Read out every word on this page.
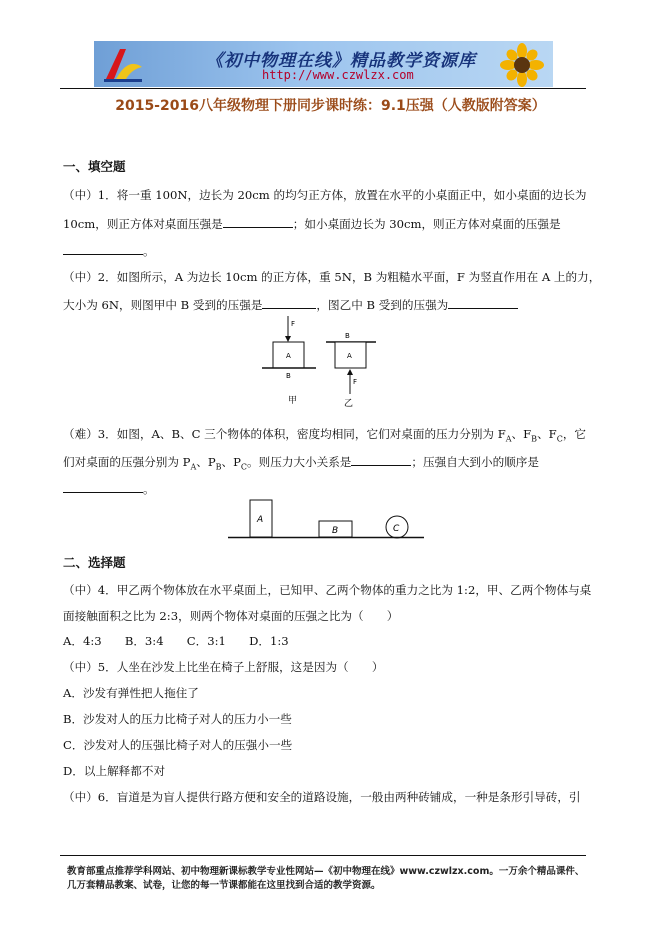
《初中物理在线》精品教学资源库
http://www.czwlzx.com
2015-2016八年级物理下册同步课时练：9.1压强（人教版附答案）
一、填空题
（中）1．将一重 100N，边长为 20cm 的均匀正方体，放置在水平的小桌面正中，如小桌面的边长为
10cm，则正方体对桌面压强是	；如小桌面边长为 30cm，则正方体对桌面的压强是
。
（中）2．如图所示，A 为边长 10cm 的正方体，重 5N，B 为粗糙水平面，F 为竖直作用在 A 上的力，
大小为 6N，则图甲中 B 受到的压强是	，图乙中 B 受到的压强为
F
A
B
甲
B
A
F
乙
（难）3．如图，A、B、C 三个物体的体积，密度均相同，它们对桌面的压力分别为 $F_A$、$F_B$、$F_C$，它
们对桌面的压强分别为 $P_A$、$P_B$、$P_C$。则压力大小关系是	；压强自大到小的顺序是
。
A
B	C
二、选择题
（中）4．甲乙两个物体放在水平桌面上，已知甲、乙两个物体的重力之比为 1:2，甲、乙两个物体与桌
面接触面积之比为 2:3，则两个物体对桌面的压强之比为（　　）
A．4:3　　B．3:4　　C．3:1　　D．1:3
（中）5．人坐在沙发上比坐在椅子上舒服，这是因为（　　）
A．沙发有弹性把人拖住了
B．沙发对人的压力比椅子对人的压力小一些
C．沙发对人的压强比椅子对人的压强小一些
D．以上解释都不对
（中）6．盲道是为盲人提供行路方便和安全的道路设施，一般由两种砖铺成，一种是条形引导砖，引
教育部重点推荐学科网站、初中物理新课标教学专业性网站—《初中物理在线》www.czwlzx.com。一万余个精品课件、
几万套精品教案、试卷，让您的每一节课都能在这里找到合适的教学资源。
